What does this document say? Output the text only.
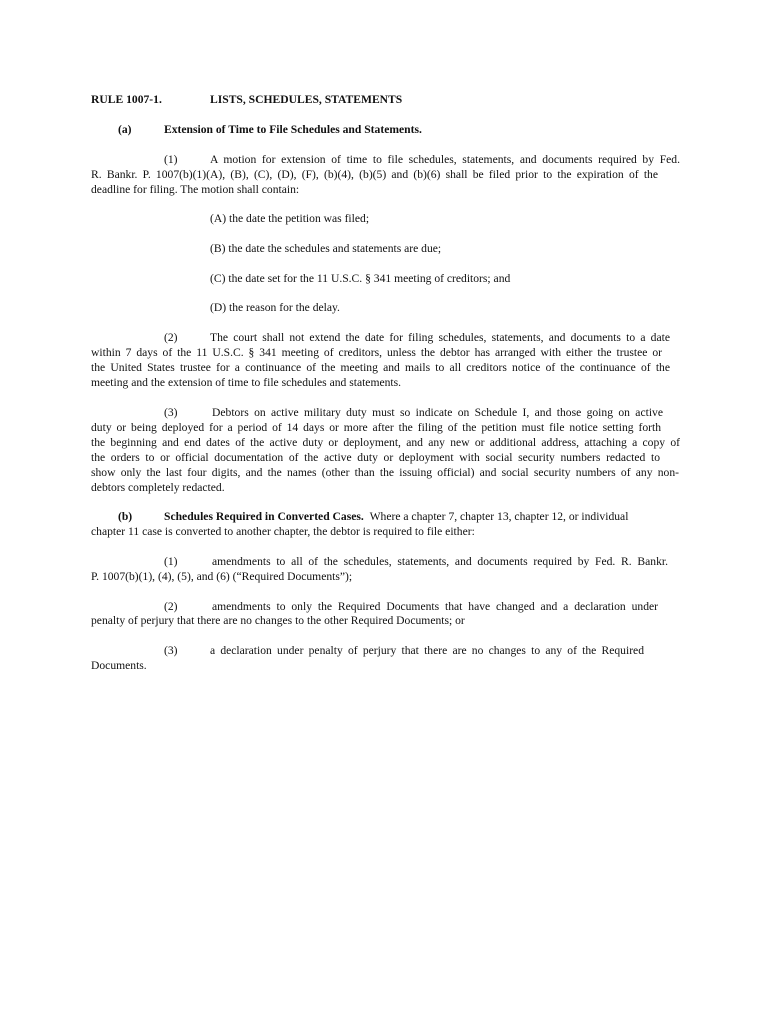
RULE 1007-1.	LISTS, SCHEDULES, STATEMENTS
(a)	Extension of Time to File Schedules and Statements.
(1)	A motion for extension of time to file schedules, statements, and documents required by Fed.
R. Bankr. P. 1007(b)(1)(A), (B), (C), (D), (F), (b)(4), (b)(5) and (b)(6) shall be filed prior to the expiration of the
deadline for filing. The motion shall contain:
(A) the date the petition was filed;
(B) the date the schedules and statements are due;
(C) the date set for the 11 U.S.C. § 341 meeting of creditors; and
(D) the reason for the delay.
(2)	The court shall not extend the date for filing schedules, statements, and documents to a date
within 7 days of the 11 U.S.C. § 341 meeting of creditors, unless the debtor has arranged with either the trustee or
the United States trustee for a continuance of the meeting and mails to all creditors notice of the continuance of the
meeting and the extension of time to file schedules and statements.
(3)	Debtors on active military duty must so indicate on Schedule I, and those going on active
duty or being deployed for a period of 14 days or more after the filing of the petition must file notice setting forth
the beginning and end dates of the active duty or deployment, and any new or additional address, attaching a copy of
the orders to or official documentation of the active duty or deployment with social security numbers redacted to
show only the last four digits, and the names (other than the issuing official) and social security numbers of any non-
debtors completely redacted.
(b)	Schedules Required in Converted Cases. Where a chapter 7, chapter 13, chapter 12, or individual
chapter 11 case is converted to another chapter, the debtor is required to file either:
(1)	amendments to all of the schedules, statements, and documents required by Fed. R. Bankr.
P. 1007(b)(1), (4), (5), and (6) (“Required Documents”);
(2)	amendments to only the Required Documents that have changed and a declaration under
penalty of perjury that there are no changes to the other Required Documents; or
(3)	a declaration under penalty of perjury that there are no changes to any of the Required
Documents.
